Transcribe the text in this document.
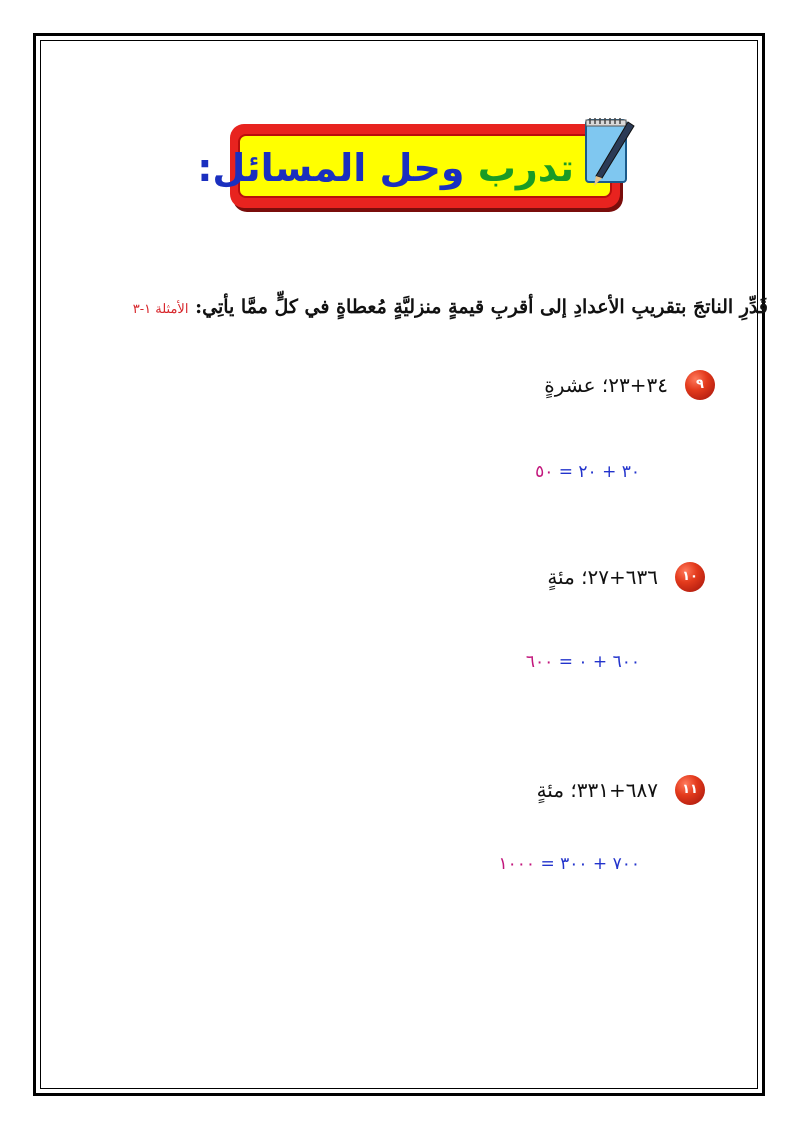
تدرب وحل المسائل:
قَدِّرِ الناتجَ بتقريبِ الأعدادِ إلى أقربِ قيمةٍ منزليَّةٍ مُعطاةٍ في كلٍّ ممَّا يأتِي: الأمثلة ١-٣
٩
٣٤+٢٣؛ عشرةٍ
٣٠ + ٢٠ = ٥٠
١٠
٦٣٦+٢٧؛ مئةٍ
٦٠٠ + ٠ = ٦٠٠
١١
٦٨٧+٣٣١؛ مئةٍ
٧٠٠ + ٣٠٠ = ١٠٠٠
